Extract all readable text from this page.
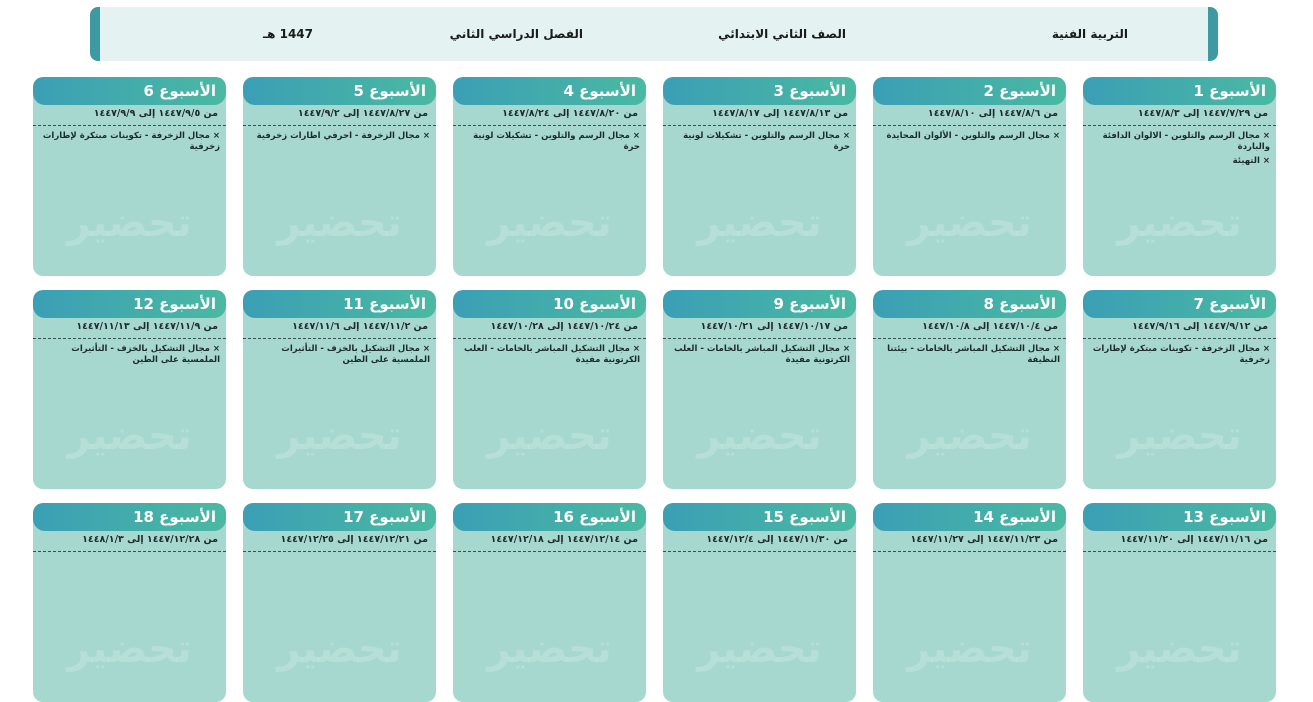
التربية الفنية
الصف الثاني الابتدائي
الفصل الدراسي الثاني
1447 هـ
الأسبوع 1
من ١٤٤٧/٧/٢٩ إلى ١٤٤٧/٨/٣
×مجال الرسم والتلوين - الالوان الدافئة والباردة
×التهيئة
تحضير
الأسبوع 2
من ١٤٤٧/٨/٦ إلى ١٤٤٧/٨/١٠
×مجال الرسم والتلوين - الألوان المحايدة
تحضير
الأسبوع 3
من ١٤٤٧/٨/١٣ إلى ١٤٤٧/٨/١٧
×مجال الرسم والتلوين - تشكيلات لونية حرة
تحضير
الأسبوع 4
من ١٤٤٧/٨/٢٠ إلى ١٤٤٧/٨/٢٤
×مجال الرسم والتلوين - تشكيلات لونية حرة
تحضير
الأسبوع 5
من ١٤٤٧/٨/٢٧ إلى ١٤٤٧/٩/٢
×مجال الزخرفة - احرفي اطارات زخرفية
تحضير
الأسبوع 6
من ١٤٤٧/٩/٥ إلى ١٤٤٧/٩/٩
×مجال الزخرفة - تكوينات مبتكرة لإطارات زخرفية
تحضير
الأسبوع 7
من ١٤٤٧/٩/١٢ إلى ١٤٤٧/٩/١٦
×مجال الزخرفة - تكوينات مبتكرة لإطارات زخرفية
تحضير
الأسبوع 8
من ١٤٤٧/١٠/٤ إلى ١٤٤٧/١٠/٨
×مجال التشكيل المباشر بالخامات - بيئتنا النظيفة
تحضير
الأسبوع 9
من ١٤٤٧/١٠/١٧ إلى ١٤٤٧/١٠/٢١
×مجال التشكيل المباشر بالخامات - العلب الكرتونية مفيدة
تحضير
الأسبوع 10
من ١٤٤٧/١٠/٢٤ إلى ١٤٤٧/١٠/٢٨
×مجال التشكيل المباشر بالخامات - العلب الكرتونية مفيدة
تحضير
الأسبوع 11
من ١٤٤٧/١١/٢ إلى ١٤٤٧/١١/٦
×مجال التشكيل بالخزف - التأثيرات الملمسية على الطين
تحضير
الأسبوع 12
من ١٤٤٧/١١/٩ إلى ١٤٤٧/١١/١٣
×مجال التشكيل بالخزف - التأثيرات الملمسية على الطين
تحضير
الأسبوع 13
من ١٤٤٧/١١/١٦ إلى ١٤٤٧/١١/٢٠
تحضير
الأسبوع 14
من ١٤٤٧/١١/٢٣ إلى ١٤٤٧/١١/٢٧
تحضير
الأسبوع 15
من ١٤٤٧/١١/٣٠ إلى ١٤٤٧/١٢/٤
تحضير
الأسبوع 16
من ١٤٤٧/١٢/١٤ إلى ١٤٤٧/١٢/١٨
تحضير
الأسبوع 17
من ١٤٤٧/١٢/٢١ إلى ١٤٤٧/١٢/٢٥
تحضير
الأسبوع 18
من ١٤٤٧/١٢/٢٨ إلى ١٤٤٨/١/٣
تحضير
